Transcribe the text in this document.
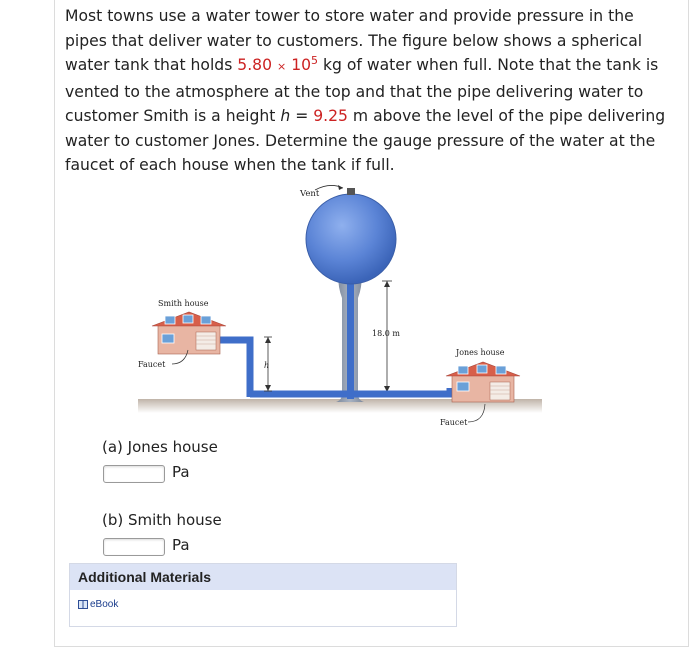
Most towns use a water tower to store water and provide pressure in the

pipes that deliver water to customers. The figure below shows a spherical

water tank that holds $5.80 \times 10^5$ kg of water when full. Note that the tank is

vented to the atmosphere at the top and that the pipe delivering water to

customer Smith is a height h = 9.25 m above the level of the pipe delivering

water to customer Jones. Determine the gauge pressure of the water at the

faucet of each house when the tank if full.

Vent
18.0 m
h
Smith house
Faucet
Jones house
Faucet
(a) Jones house
Pa
(b) Smith house
Pa
Additional Materials
eBook
